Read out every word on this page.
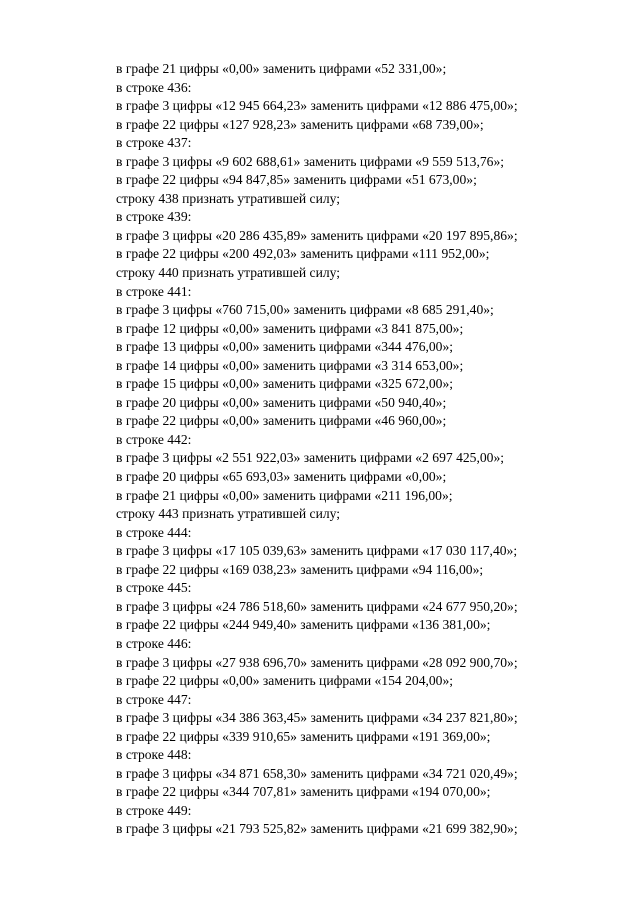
в графе 21 цифры «0,00» заменить цифрами «52 331,00»;
в строке 436:
в графе 3 цифры «12 945 664,23» заменить цифрами «12 886 475,00»;
в графе 22 цифры «127 928,23» заменить цифрами «68 739,00»;
в строке 437:
в графе 3 цифры «9 602 688,61» заменить цифрами «9 559 513,76»;
в графе 22 цифры «94 847,85» заменить цифрами «51 673,00»;
строку 438 признать утратившей силу;
в строке 439:
в графе 3 цифры «20 286 435,89» заменить цифрами «20 197 895,86»;
в графе 22 цифры «200 492,03» заменить цифрами «111 952,00»;
строку 440 признать утратившей силу;
в строке 441:
в графе 3 цифры «760 715,00» заменить цифрами «8 685 291,40»;
в графе 12 цифры «0,00» заменить цифрами «3 841 875,00»;
в графе 13 цифры «0,00» заменить цифрами «344 476,00»;
в графе 14 цифры «0,00» заменить цифрами «3 314 653,00»;
в графе 15 цифры «0,00» заменить цифрами «325 672,00»;
в графе 20 цифры «0,00» заменить цифрами «50 940,40»;
в графе 22 цифры «0,00» заменить цифрами «46 960,00»;
в строке 442:
в графе 3 цифры «2 551 922,03» заменить цифрами «2 697 425,00»;
в графе 20 цифры «65 693,03» заменить цифрами «0,00»;
в графе 21 цифры «0,00» заменить цифрами «211 196,00»;
строку 443 признать утратившей силу;
в строке 444:
в графе 3 цифры «17 105 039,63» заменить цифрами «17 030 117,40»;
в графе 22 цифры «169 038,23» заменить цифрами «94 116,00»;
в строке 445:
в графе 3 цифры «24 786 518,60» заменить цифрами «24 677 950,20»;
в графе 22 цифры «244 949,40» заменить цифрами «136 381,00»;
в строке 446:
в графе 3 цифры «27 938 696,70» заменить цифрами «28 092 900,70»;
в графе 22 цифры «0,00» заменить цифрами «154 204,00»;
в строке 447:
в графе 3 цифры «34 386 363,45» заменить цифрами «34 237 821,80»;
в графе 22 цифры «339 910,65» заменить цифрами «191 369,00»;
в строке 448:
в графе 3 цифры «34 871 658,30» заменить цифрами «34 721 020,49»;
в графе 22 цифры «344 707,81» заменить цифрами «194 070,00»;
в строке 449:
в графе 3 цифры «21 793 525,82» заменить цифрами «21 699 382,90»;
